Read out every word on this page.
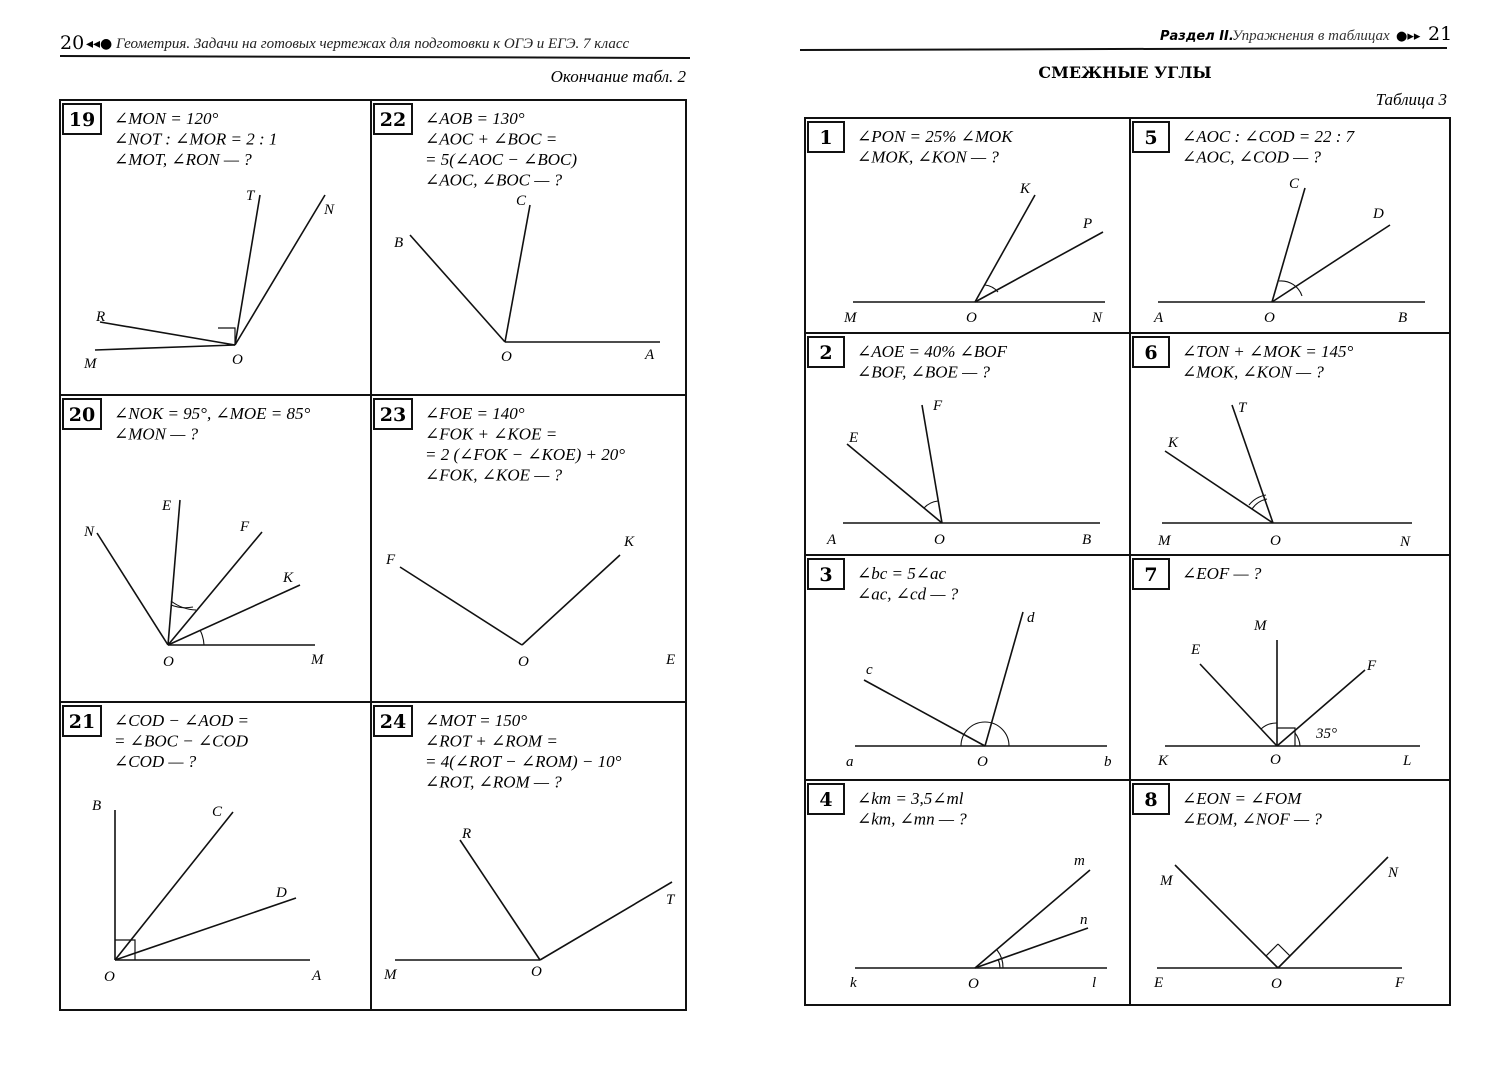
20 ◂◂● Геометрия. Задачи на готовых чертежах для подготовки к ОГЭ и ЕГЭ. 7 класс
Окончание табл. 2
Раздел II.
Упражнения в таблицах ●▸▸ 21
СМЕЖНЫЕ УГЛЫ
Таблица 3
19 ∠MON = 120°
∠NOT : ∠MOR = 2 : 1
∠MOT, ∠RON — ?
T
N
R
M	O
22 ∠AOB = 130°
∠AOC + ∠BOC =
= 5(∠AOC − ∠BOC)
∠AOC, ∠BOC — ?
B
C
O	A
20 ∠NOK = 95°, ∠MOE = 85°
∠MON — ?
N
E
F
K
O	M
23 ∠FOE = 140°
∠FOK + ∠KOE =
= 2 (∠FOK − ∠KOE) + 20°
∠FOK, ∠KOE — ?
F
K
O	E
21 ∠COD − ∠AOD =
= ∠BOC − ∠COD
∠COD — ?
B	C
D
O	A
24 ∠MOT = 150°
∠ROT + ∠ROM =
= 4(∠ROT − ∠ROM) − 10°
∠ROT, ∠ROM — ?
R
T
M	O
1 ∠PON = 25% ∠MOK
∠MOK, ∠KON — ?
M	O	N
K
P
5 ∠AOC : ∠COD = 22 : 7
∠AOC, ∠COD — ?
A	O	B
C
D
2 ∠AOE = 40% ∠BOF
∠BOF, ∠BOE — ?
A	O	B
E
F
6 ∠TON + ∠MOK = 145°
∠MOK, ∠KON — ?
M	O	N
K
T
3 ∠bc = 5∠ac
∠ac, ∠cd — ?
a	O	b
c
d
7 ∠EOF — ?
K	O	L
M
E
F
35°
4 ∠km = 3,5∠ml
∠km, ∠mn — ?
k	O	l
m
n
8 ∠EON = ∠FOM
∠EOM, ∠NOF — ?
E	O	F
M	N
